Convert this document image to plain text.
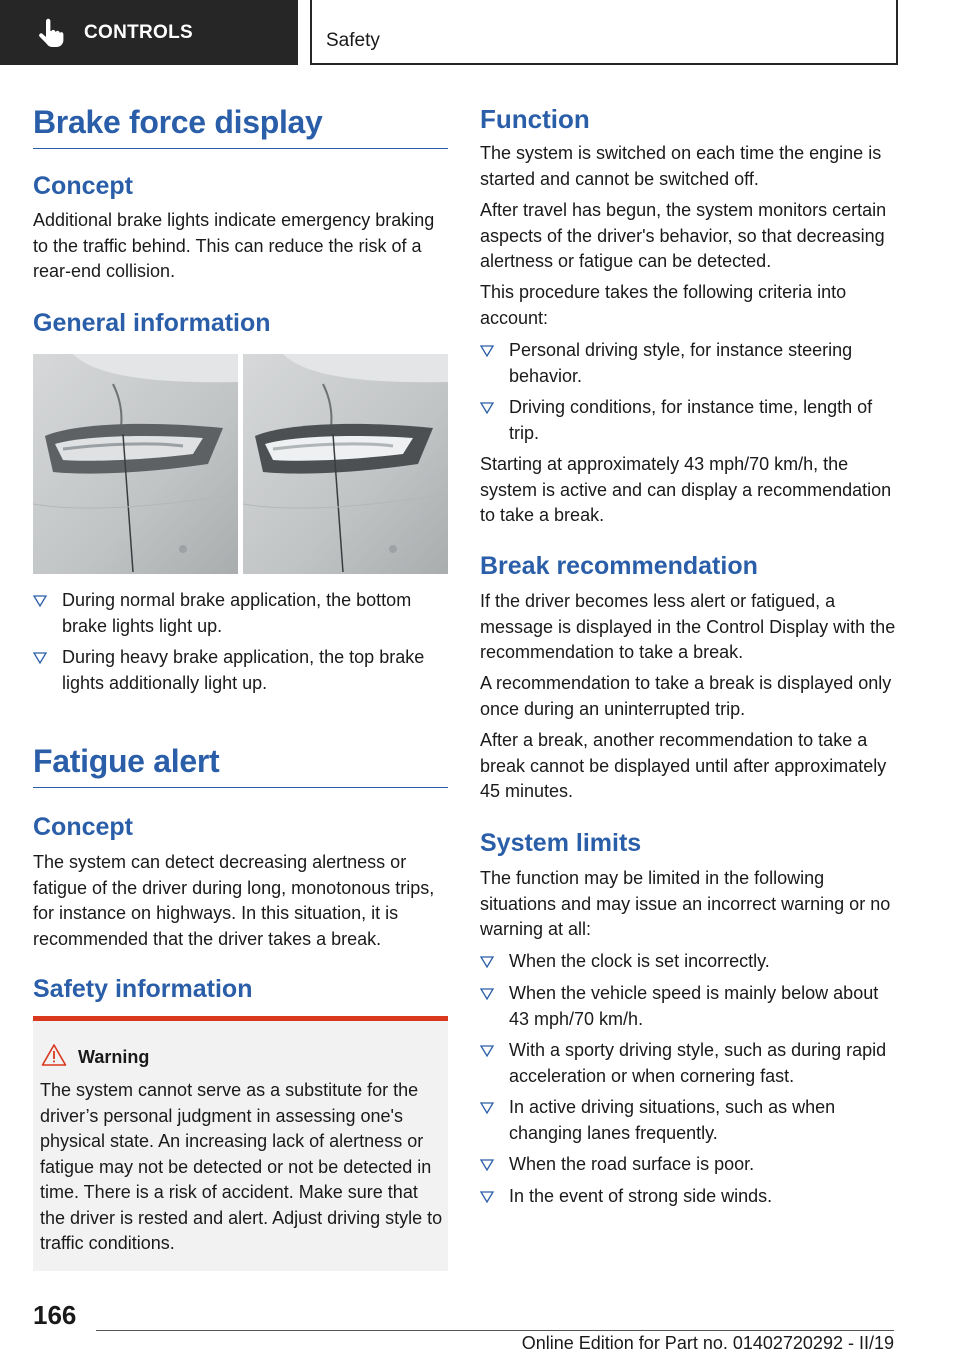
CONTROLS	Safety
Brake force display
Concept

Additional brake lights indicate emergency braking to the traffic behind. This can reduce the risk of a rear-end collision.

General information
During normal brake application, the bottom brake lights light up.
During heavy brake application, the top brake lights additionally light up.
Fatigue alert
Concept

The system can detect decreasing alertness or fatigue of the driver during long, monotonous trips, for instance on highways. In this situation, it is recommended that the driver takes a break.

Safety information
Warning
The system cannot serve as a substitute for the driver’s personal judgment in assessing one's physical state. An increasing lack of alertness or fatigue may not be detected or not be detected in time. There is a risk of accident. Make sure that the driver is rested and alert. Adjust driving style to traffic conditions.
Function

The system is switched on each time the engine is started and cannot be switched off.

After travel has begun, the system monitors certain aspects of the driver's behavior, so that decreasing alertness or fatigue can be detected.

This procedure takes the following criteria into account:

Personal driving style, for instance steering behavior.
Driving conditions, for instance time, length of trip.

Starting at approximately 43 mph/70 km/h, the system is active and can display a recommendation to take a break.

Break recommendation

If the driver becomes less alert or fatigued, a message is displayed in the Control Display with the recommendation to take a break.

A recommendation to take a break is displayed only once during an uninterrupted trip.

After a break, another recommendation to take a break cannot be displayed until after approximately 45 minutes.

System limits

The function may be limited in the following situations and may issue an incorrect warning or no warning at all:

When the clock is set incorrectly.
When the vehicle speed is mainly below about 43 mph/70 km/h.
With a sporty driving style, such as during rapid acceleration or when cornering fast.
In active driving situations, such as when changing lanes frequently.
When the road surface is poor.
In the event of strong side winds.
166
Online Edition for Part no. 01402720292 - II/19
